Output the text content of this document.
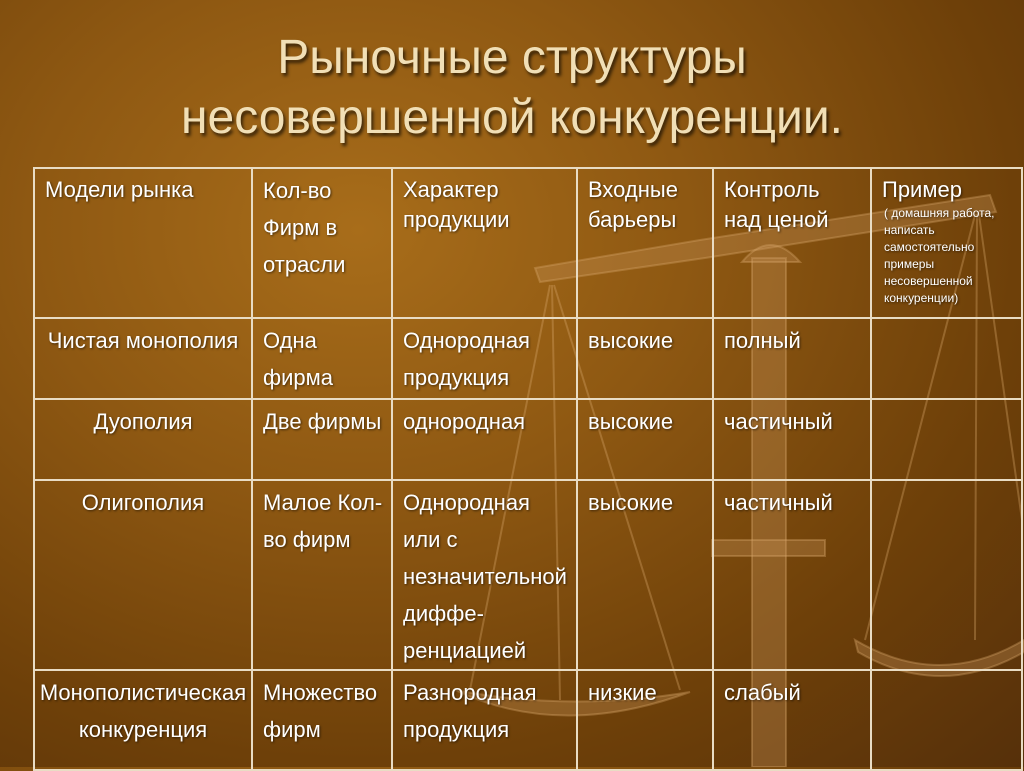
Рыночные структуры
несовершенной конкуренции.
Модели рынка	Кол-во Фирм в отрасли	Характер продукции	Входные барьеры	Контроль над ценой	Пример
( домашняя работа, написать самостоятельно примеры несовершенной конкуренции)

Чистая монополия	Одна фирма	Однородная продукция	высокие	полный	
Дуополия	Две фирмы	однородная	высокие	частичный	
Олигополия	Малое Кол-во фирм	Однородная или с незначительной диффе-ренциацией	высокие	частичный	
Монополистическая конкуренция	Множество фирм	Разнородная продукция	низкие	слабый	
